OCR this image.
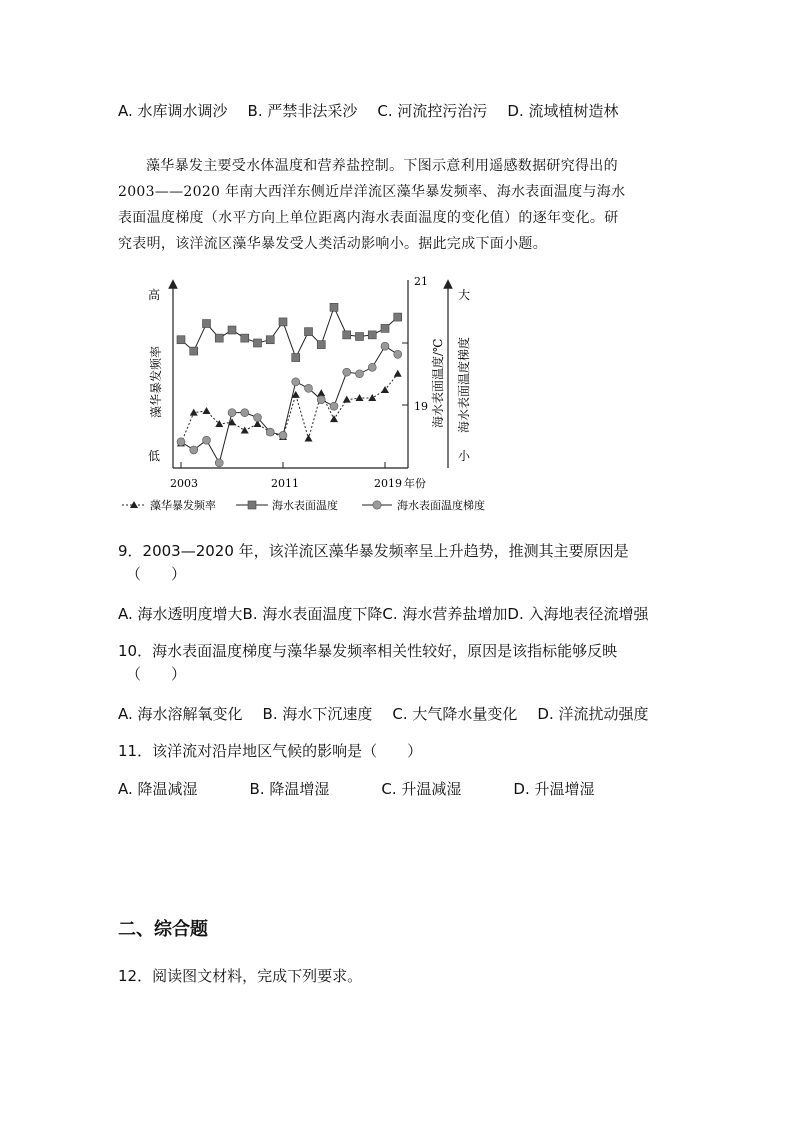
A. 水库调水调沙 B. 严禁非法采沙 C. 河流控污治污 D. 流域植树造林
藻华暴发主要受水体温度和营养盐控制。下图示意利用遥感数据研究得出的
2003——2020 年南大西洋东侧近岸洋流区藻华暴发频率、海水表面温度与海水
表面温度梯度（水平方向上单位距离内海水表面温度的变化值）的逐年变化。研
究表明，该洋流区藻华暴发受人类活动影响小。据此完成下面小题。
高
低
藻华暴发频率
21
19 海水表面温度/℃
大
小
海水表面温度梯度
2003	2011	2019 年份
藻华暴发频率	海水表面温度	海水表面温度梯度
9．2003—2020 年，该洋流区藻华暴发频率呈上升趋势，推测其主要原因是
（　　）
A. 海水透明度增大 B. 海水表面温度下降 C. 海水营养盐增加 D. 入海地表径流增强
10．海水表面温度梯度与藻华暴发频率相关性较好，原因是该指标能够反映
（　　）
A. 海水溶解氧变化 B. 海水下沉速度 C. 大气降水量变化 D. 洋流扰动强度
11．该洋流对沿岸地区气候的影响是（　　）
A. 降温减湿	B. 降温增湿	C. 升温减湿	D. 升温增湿
二、综合题
12．阅读图文材料，完成下列要求。
